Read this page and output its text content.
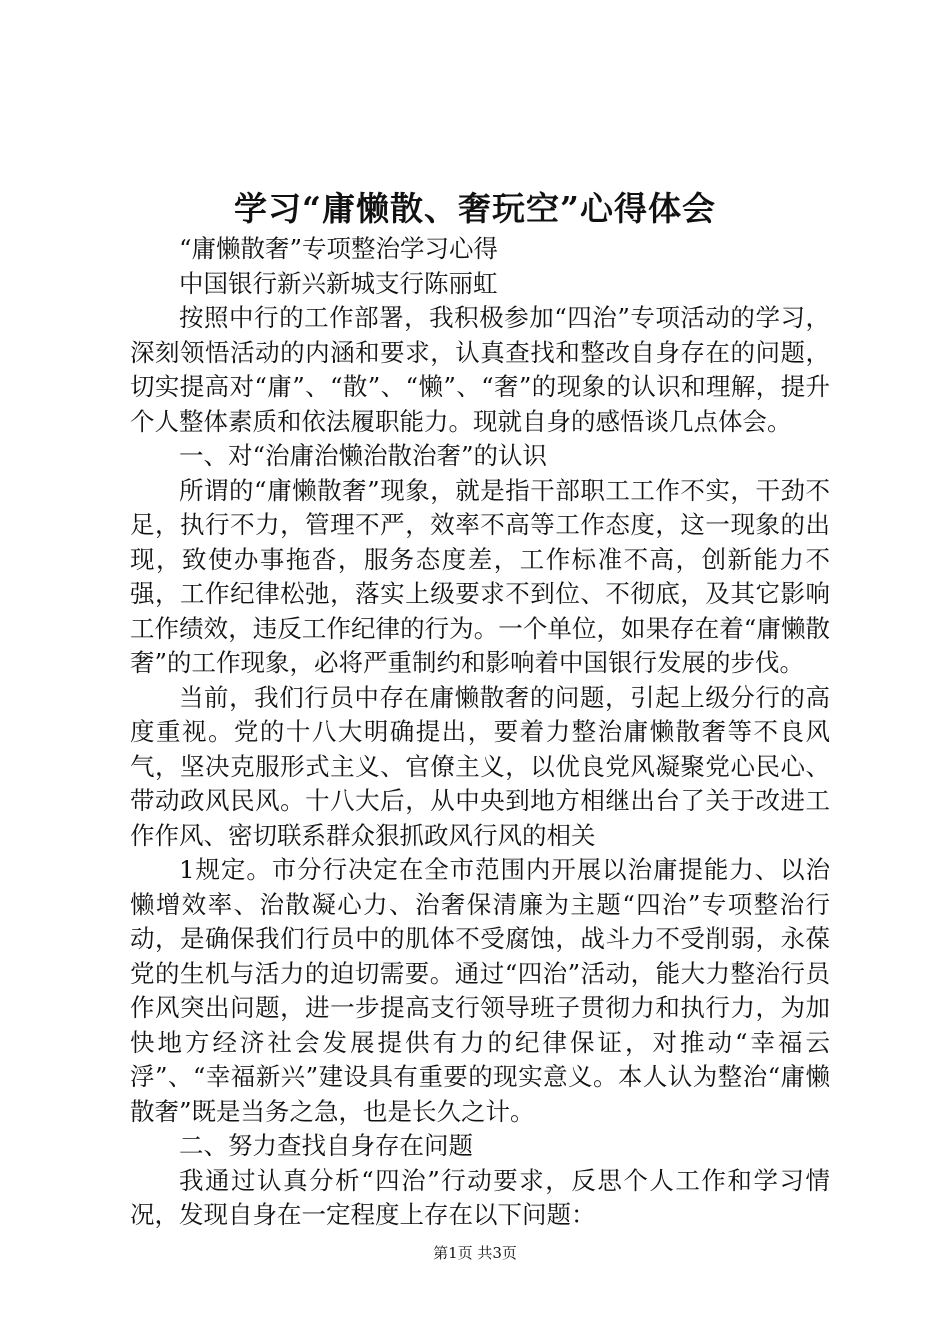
学习“庸懒散、奢玩空”心得体会

“庸懒散奢”专项整治学习心得

中国银行新兴新城支行陈丽虹

按照中行的工作部署，我积极参加“四治”专项活动的学习，深刻领悟活动的内涵和要求，认真查找和整改自身存在的问题，切实提高对“庸”、“散”、“懒”、“奢”的现象的认识和理解，提升个人整体素质和依法履职能力。现就自身的感悟谈几点体会。

一、对“治庸治懒治散治奢”的认识

所谓的“庸懒散奢”现象，就是指干部职工工作不实，干劲不足，执行不力，管理不严，效率不高等工作态度，这一现象的出现，致使办事拖沓，服务态度差，工作标准不高，创新能力不强，工作纪律松弛，落实上级要求不到位、不彻底，及其它影响工作绩效，违反工作纪律的行为。一个单位，如果存在着“庸懒散奢”的工作现象，必将严重制约和影响着中国银行发展的步伐。

当前，我们行员中存在庸懒散奢的问题，引起上级分行的高度重视。党的十八大明确提出，要着力整治庸懒散奢等不良风气，坚决克服形式主义、官僚主义，以优良党风凝聚党心民心、带动政风民风。十八大后，从中央到地方相继出台了关于改进工作作风、密切联系群众狠抓政风行风的相关

1规定。市分行决定在全市范围内开展以治庸提能力、以治懒增效率、治散凝心力、治奢保清廉为主题“四治”专项整治行动，是确保我们行员中的肌体不受腐蚀，战斗力不受削弱，永葆党的生机与活力的迫切需要。通过“四治”活动，能大力整治行员作风突出问题，进一步提高支行领导班子贯彻力和执行力，为加快地方经济社会发展提供有力的纪律保证，对推动“幸福云浮”、“幸福新兴”建设具有重要的现实意义。本人认为整治“庸懒散奢”既是当务之急，也是长久之计。

二、努力查找自身存在问题

我通过认真分析“四治”行动要求，反思个人工作和学习情况，发现自身在一定程度上存在以下问题：

第1页 共3页
